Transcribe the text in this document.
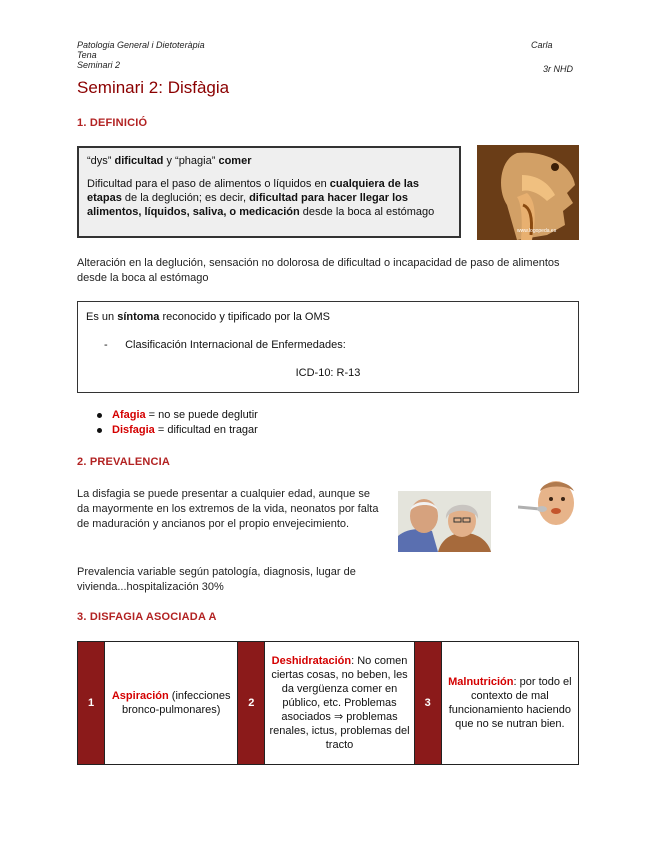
Patologia General i Dietoteràpia
Tena
Seminari 2
Carla
3r NHD
Seminari 2: Disfàgia
1. DEFINICIÓ
“dys” dificultad y “phagia” comer
Dificultad para el paso de alimentos o líquidos en cualquiera de las etapas de la deglución; es decir, dificultad para hacer llegar los alimentos, líquidos, saliva, o medicación desde la boca al estómago
www.logopeda.es
Alteración en la deglución, sensación no dolorosa de dificultad o incapacidad de paso de alimentos desde la boca al estómago
Es un síntoma reconocido y tipificado por la OMS
- Clasificación Internacional de Enfermedades:
ICD-10: R-13
Afagia = no se puede deglutir
Disfagia = dificultad en tragar
2. PREVALENCIA
La disfagia se puede presentar a cualquier edad, aunque se da mayormente en los extremos de la vida, neonatos por falta de maduración y ancianos por el propio envejecimiento.
Prevalencia variable según patología, diagnosis, lugar de vivienda...hospitalización 30%
3. DISFAGIA ASOCIADA A
1	Aspiración (infecciones bronco-pulmonares)	2	Deshidratación: No comen ciertas cosas, no beben, les da vergüenza comer en público, etc. Problemas asociados ⇒ problemas renales, ictus, problemas del tracto	3	Malnutrición: por todo el contexto de mal funcionamiento haciendo que no se nutran bien.
